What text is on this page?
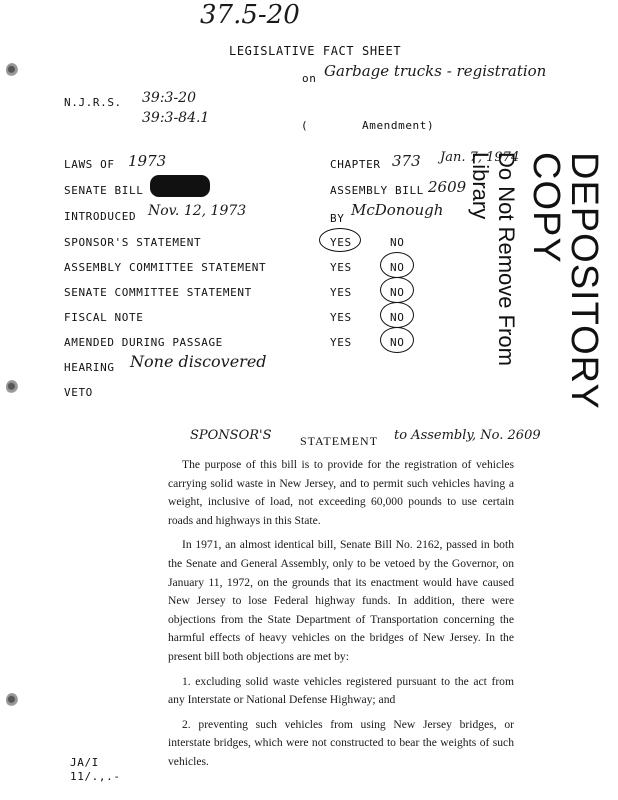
37.5-20
LEGISLATIVE FACT SHEET
on Garbage trucks - registration
N.J.R.S. 39:3-20
39:3-84.1	(	Amendment)
LAWS OF 1973	CHAPTER 373 Jan. 7, 1974
SENATE BILL	ASSEMBLY BILL 2609
INTRODUCED Nov. 12, 1973	BY McDonough
SPONSOR'S STATEMENT	YES	NO
ASSEMBLY COMMITTEE STATEMENT	YES	NO
SENATE COMMITTEE STATEMENT	YES	NO
FISCAL NOTE	YES	NO
AMENDED DURING PASSAGE	YES	NO
HEARING None discovered
VETO	DEPOSITORY COPY
Do Not Remove From Library
SPONSOR'S STATEMENT to Assembly, No. 2609

The purpose of this bill is to provide for the registration of vehicles carrying solid waste in New Jersey, and to permit such vehicles having a weight, inclusive of load, not exceeding 60,000 pounds to use certain roads and highways in this State.

In 1971, an almost identical bill, Senate Bill No. 2162, passed in both the Senate and General Assembly, only to be vetoed by the Governor, on January 11, 1972, on the grounds that its enactment would have caused New Jersey to lose Federal highway funds. In addition, there were objections from the State Department of Transportation concerning the harmful effects of heavy vehicles on the bridges of New Jersey. In the present bill both objections are met by:

1. excluding solid waste vehicles registered pursuant to the act from any Interstate or National Defense Highway; and

2. preventing such vehicles from using New Jersey bridges, or interstate bridges, which were not constructed to bear the weights of such vehicles.

JA/I
11/.,.-
